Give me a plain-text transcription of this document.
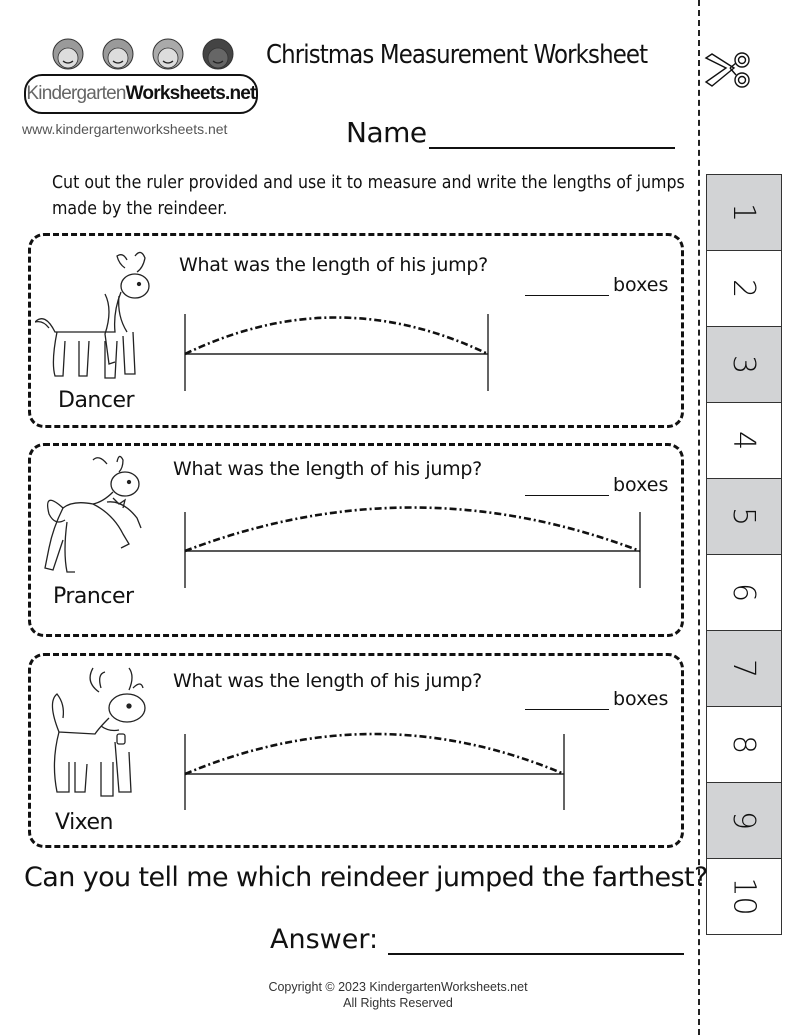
Kindergarten Worksheets.net
www.kindergartenworksheets.net
Christmas Measurement Worksheet
Name
Cut out the ruler provided and use it to measure and write the lengths of jumps made by the reindeer.	1
2
3
4
5
6
7
8
9
10
Dancer
What was the length of his jump?
boxes
Prancer
What was the length of his jump?
boxes
Vixen
What was the length of his jump?
boxes
Can you tell me which reindeer jumped the farthest?
Answer:
Copyright © 2023 KindergartenWorksheets.net
All Rights Reserved
